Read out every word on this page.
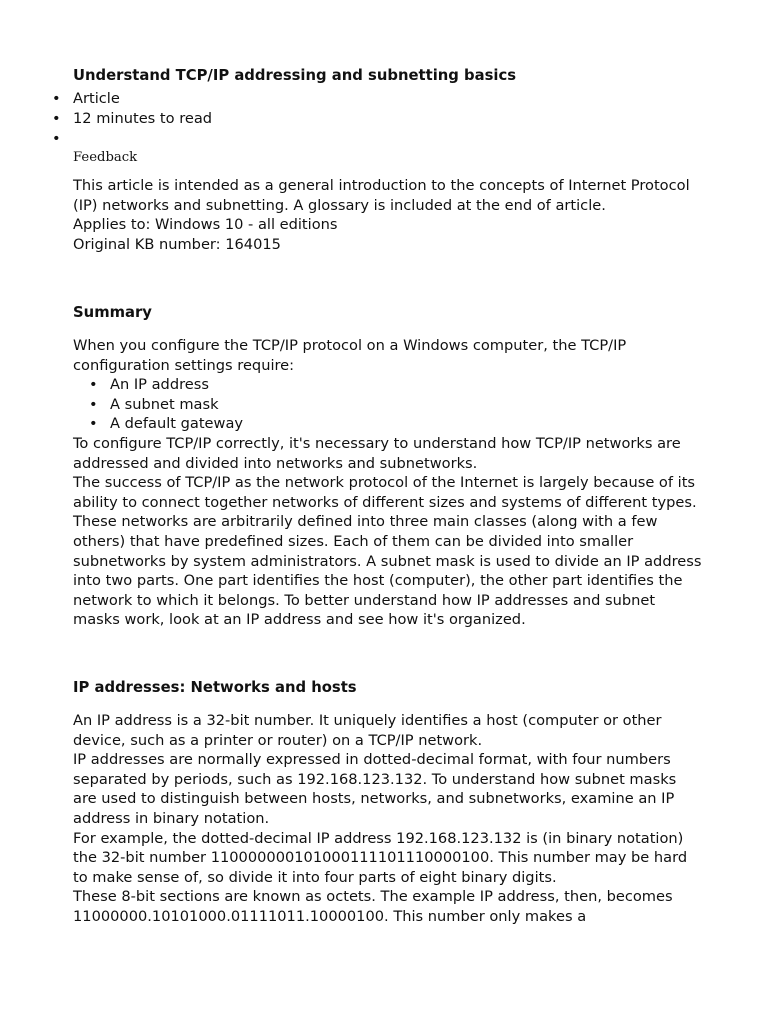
Understand TCP/IP addressing and subnetting basics
• Article
• 12 minutes to read
•
Feedback

This article is intended as a general introduction to the concepts of Internet Protocol (IP) networks and subnetting. A glossary is included at the end of article.

Applies to: Windows 10 - all editions

Original KB number: 164015

Summary

When you configure the TCP/IP protocol on a Windows computer, the TCP/IP configuration settings require:

• An IP address
• A subnet mask
• A default gateway

To configure TCP/IP correctly, it's necessary to understand how TCP/IP networks are addressed and divided into networks and subnetworks.

The success of TCP/IP as the network protocol of the Internet is largely because of its ability to connect together networks of different sizes and systems of different types. These networks are arbitrarily defined into three main classes (along with a few others) that have predefined sizes. Each of them can be divided into smaller subnetworks by system administrators. A subnet mask is used to divide an IP address into two parts. One part identifies the host (computer), the other part identifies the network to which it belongs. To better understand how IP addresses and subnet masks work, look at an IP address and see how it's organized.

IP addresses: Networks and hosts

An IP address is a 32-bit number. It uniquely identifies a host (computer or other device, such as a printer or router) on a TCP/IP network.

IP addresses are normally expressed in dotted-decimal format, with four numbers separated by periods, such as 192.168.123.132. To understand how subnet masks are used to distinguish between hosts, networks, and subnetworks, examine an IP address in binary notation.

For example, the dotted-decimal IP address 192.168.123.132 is (in binary notation) the 32-bit number 110000000101000111101110000100. This number may be hard to make sense of, so divide it into four parts of eight binary digits.

These 8-bit sections are known as octets. The example IP address, then, becomes 11000000.10101000.01111011.10000100. This number only makes a
